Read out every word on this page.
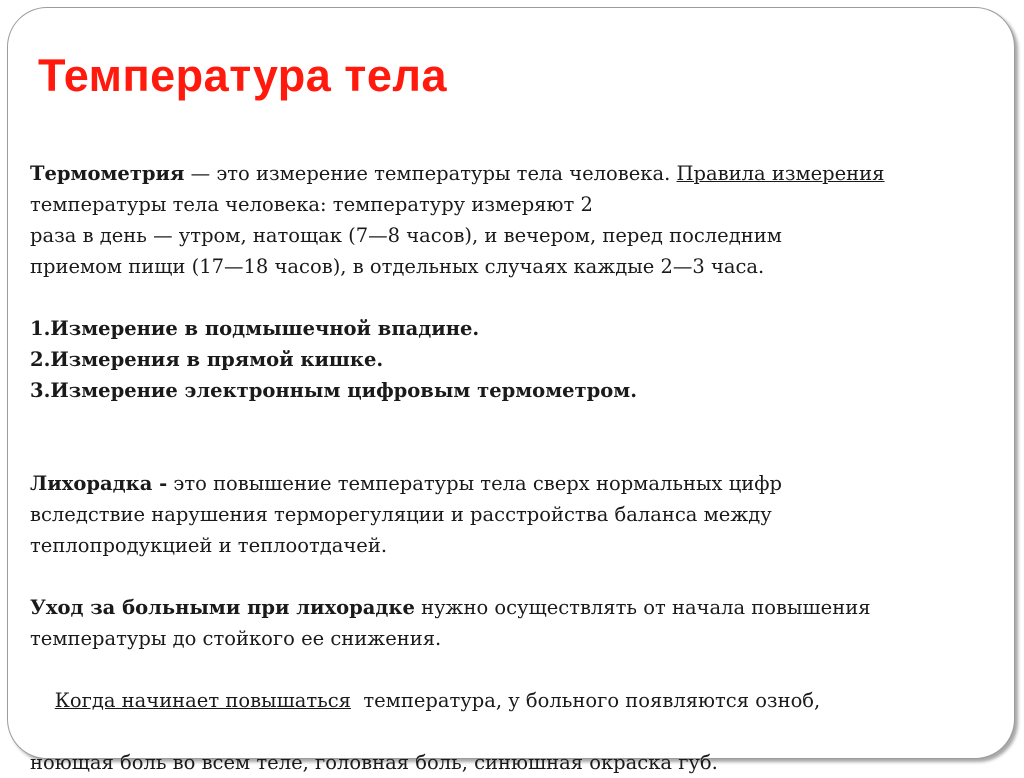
Температура тела

Термометрия — это измерение температуры тела человека. Правила измерения

температуры тела человека: температуру измеряют 2

раза в день — утром, натощак (7—8 часов), и вечером, перед последним

приемом пищи (17—18 часов), в отдельных случаях каждые 2—3 часа.

1.Измерение в подмышечной впадине.

2.Измерения в прямой кишке.

3.Измерение электронным цифровым термометром.

Лихорадка - это повышение температуры тела сверх нормальных цифр

вследствие нарушения терморегуляции и расстройства баланса между

теплопродукцией и теплоотдачей.

Уход за больными при лихорадке нужно осуществлять от начала повышения

температуры до стойкого ее снижения.

Когда начинает повышаться  температура, у больного появляются озноб,

ноющая боль во всем теле, головная боль, синюшная окраска губ.
